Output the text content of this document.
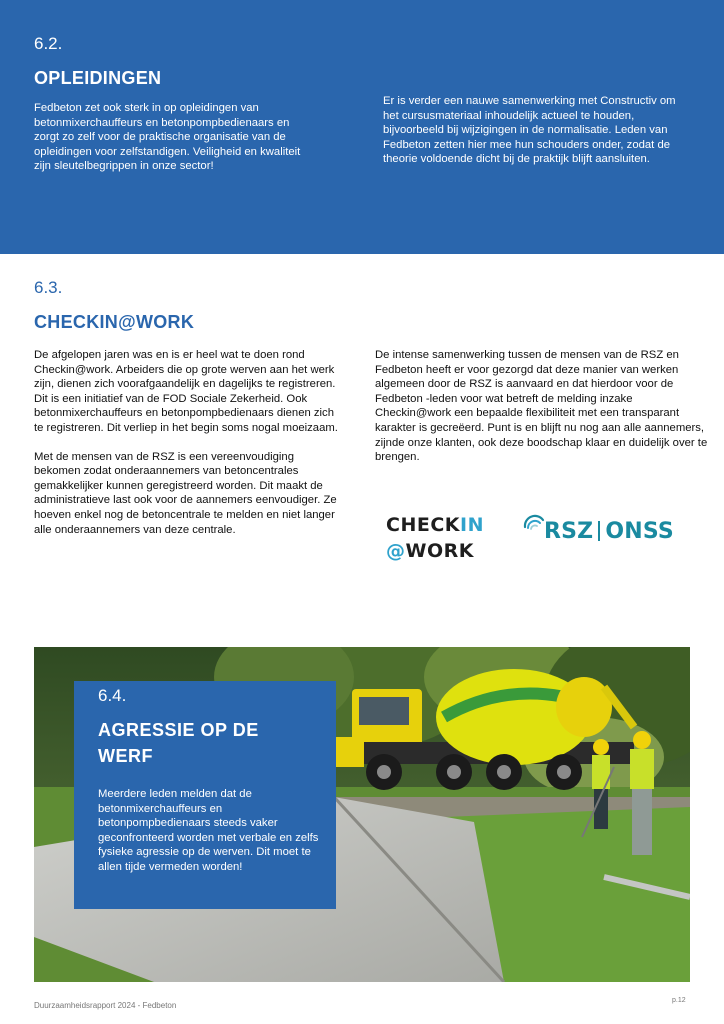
6.2.
OPLEIDINGEN
Fedbeton zet ook sterk in op opleidingen van betonmixerchauffeurs en betonpompbedienaars en zorgt zo zelf voor de praktische organisatie van de opleidingen voor zelfstandigen. Veiligheid en kwaliteit zijn sleutelbegrippen in onze sector!
Er is verder een nauwe samenwerking met Constructiv om het cursusmateriaal inhoudelijk actueel te houden, bijvoorbeeld bij wijzigingen in de normalisatie. Leden van Fedbeton zetten hier mee hun schouders onder, zodat de theorie voldoende dicht bij de praktijk blijft aansluiten.
6.3.
CHECKIN@WORK

De afgelopen jaren was en is er heel wat te doen rond Checkin@work. Arbeiders die op grote werven aan het werk zijn, dienen zich voorafgaandelijk en dagelijks te registreren. Dit is een initiatief van de FOD Sociale Zekerheid. Ook betonmixerchauffeurs en betonpompbedienaars dienen zich te registreren. Dit verliep in het begin soms nogal moeizaam.

Met de mensen van de RSZ is een vereenvoudiging bekomen zodat onderaannemers van betoncentrales gemakkelijker kunnen geregistreerd worden. Dit maakt de administratieve last ook voor de aannemers eenvoudiger. Ze hoeven enkel nog de betoncentrale te melden en niet langer alle onderaannemers van deze centrale.

De intense samenwerking tussen de mensen van de RSZ en Fedbeton heeft er voor gezorgd dat deze manier van werken algemeen door de RSZ is aanvaard en dat hierdoor voor de Fedbeton -leden voor wat betreft de melding inzake Checkin@work een bepaalde flexibiliteit met een transparant karakter is gecreëerd. Punt is en blijft nu nog aan alle aannemers, zijnde onze klanten, ook deze boodschap klaar en duidelijk over te brengen.

CHECKIN
@WORK
RSZ ONSS
6.4.
AGRESSIE OP DE WERF
Meerdere leden melden dat de betonmixerchauffeurs en betonpompbedienaars steeds vaker geconfronteerd worden met verbale en zelfs fysieke agressie op de werven. Dit moet te allen tijde vermeden worden!
Duurzaamheidsrapport 2024 - Fedbeton
p.12
